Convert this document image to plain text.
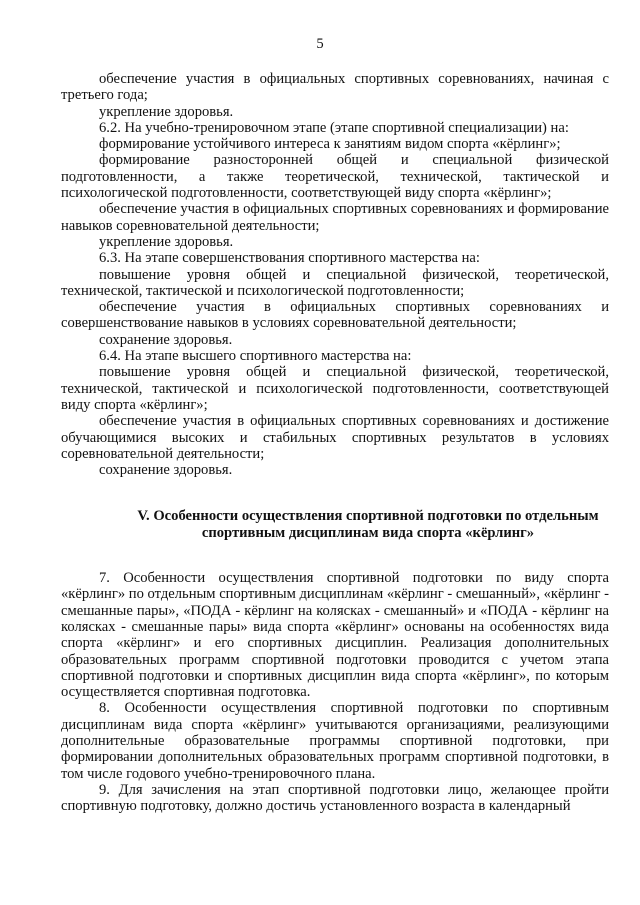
5

обеспечение участия в официальных спортивных соревнованиях, начиная с третьего года;

укрепление здоровья.

6.2. На учебно-тренировочном этапе (этапе спортивной специализации) на:

формирование устойчивого интереса к занятиям видом спорта «кёрлинг»;

формирование разносторонней общей и специальной физической подготовленности, а также теоретической, технической, тактической и психологической подготовленности, соответствующей виду спорта «кёрлинг»;

обеспечение участия в официальных спортивных соревнованиях и формирование навыков соревновательной деятельности;

укрепление здоровья.

6.3. На этапе совершенствования спортивного мастерства на:

повышение уровня общей и специальной физической, теоретической, технической, тактической и психологической подготовленности;

обеспечение участия в официальных спортивных соревнованиях и совершенствование навыков в условиях соревновательной деятельности;

сохранение здоровья.

6.4. На этапе высшего спортивного мастерства на:

повышение уровня общей и специальной физической, теоретической, технической, тактической и психологической подготовленности, соответствующей виду спорта «кёрлинг»;

обеспечение участия в официальных спортивных соревнованиях и достижение обучающимися высоких и стабильных спортивных результатов в условиях соревновательной деятельности;

сохранение здоровья.

V. Особенности осуществления спортивной подготовки по отдельным спортивным дисциплинам вида спорта «кёрлинг»

7. Особенности осуществления спортивной подготовки по виду спорта «кёрлинг» по отдельным спортивным дисциплинам «кёрлинг - смешанный», «кёрлинг - смешанные пары», «ПОДА - кёрлинг на колясках - смешанный» и «ПОДА - кёрлинг на колясках - смешанные пары» вида спорта «кёрлинг» основаны на особенностях вида спорта «кёрлинг» и его спортивных дисциплин. Реализация дополнительных образовательных программ спортивной подготовки проводится с учетом этапа спортивной подготовки и спортивных дисциплин вида спорта «кёрлинг», по которым осуществляется спортивная подготовка.

8. Особенности осуществления спортивной подготовки по спортивным дисциплинам вида спорта «кёрлинг» учитываются организациями, реализующими дополнительные образовательные программы спортивной подготовки, при формировании дополнительных образовательных программ спортивной подготовки, в том числе годового учебно-тренировочного плана.

9. Для зачисления на этап спортивной подготовки лицо, желающее пройти спортивную подготовку, должно достичь установленного возраста в календарный
